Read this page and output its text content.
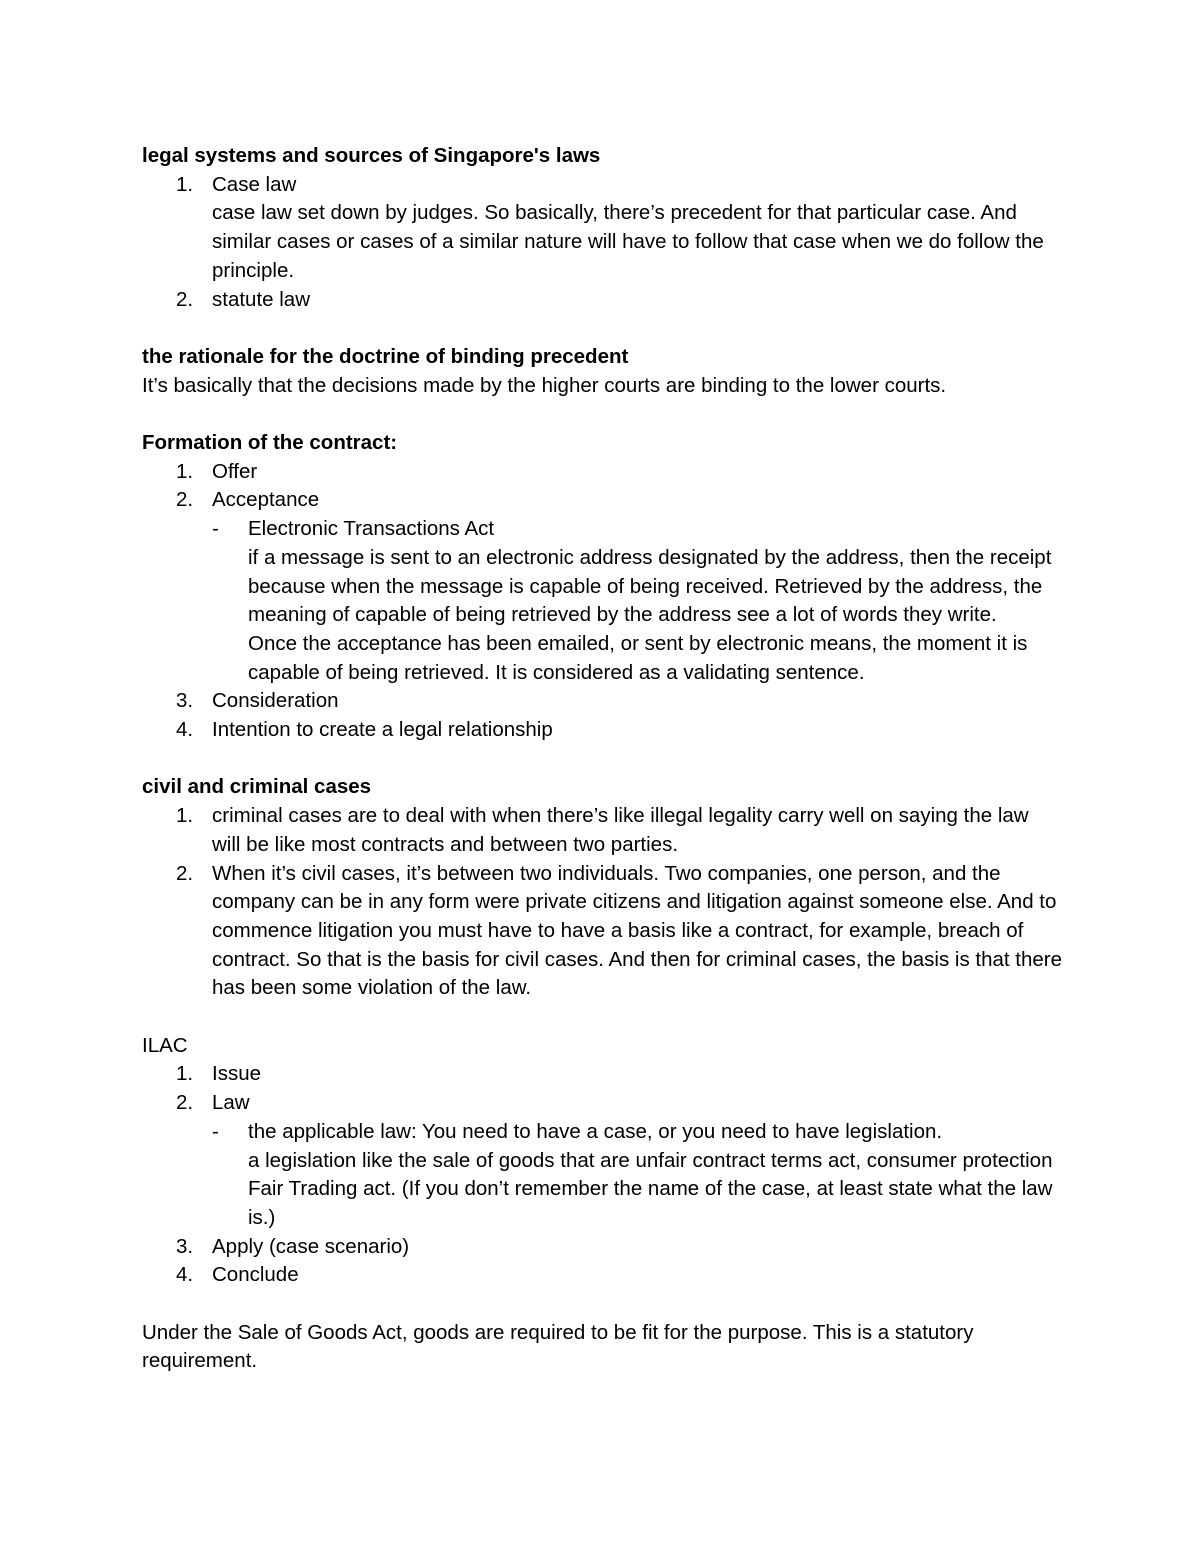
legal systems and sources of Singapore's laws

1. Case law
case law set down by judges. So basically, there’s precedent for that particular case. And similar cases or cases of a similar nature will have to follow that case when we do follow the principle.
2. statute law

the rationale for the doctrine of binding precedent

It’s basically that the decisions made by the higher courts are binding to the lower courts.

Formation of the contract:

1. Offer
2. Acceptance
- Electronic Transactions Act
if a message is sent to an electronic address designated by the address, then the receipt because when the message is capable of being received. Retrieved by the address, the meaning of capable of being retrieved by the address see a lot of words they write.
Once the acceptance has been emailed, or sent by electronic means, the moment it is capable of being retrieved. It is considered as a validating sentence.
3. Consideration
4. Intention to create a legal relationship

civil and criminal cases

1. criminal cases are to deal with when there’s like illegal legality carry well on saying the law will be like most contracts and between two parties.
2. When it’s civil cases, it’s between two individuals. Two companies, one person, and the company can be in any form were private citizens and litigation against someone else. And to commence litigation you must have to have a basis like a contract, for example, breach of contract. So that is the basis for civil cases. And then for criminal cases, the basis is that there has been some violation of the law.

ILAC

1. Issue
2. Law
- the applicable law: You need to have a case, or you need to have legislation.
a legislation like the sale of goods that are unfair contract terms act, consumer protection Fair Trading act. (If you don’t remember the name of the case, at least state what the law is.)
3. Apply (case scenario)
4. Conclude

Under the Sale of Goods Act, goods are required to be fit for the purpose. This is a statutory requirement.
